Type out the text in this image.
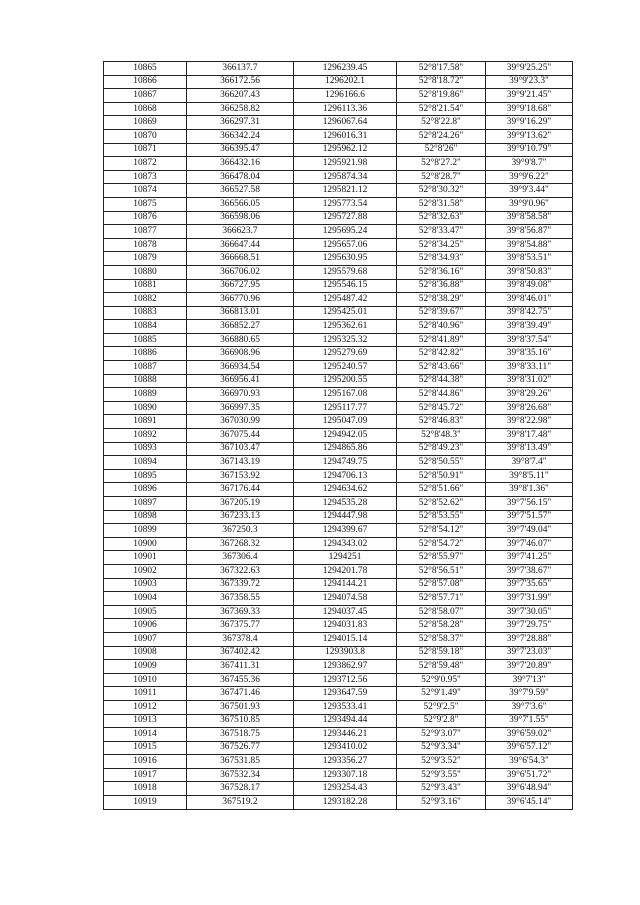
10865	366137.7	1296239.45	52°8'17.58"	39°9'25.25"
10866	366172.56	1296202.1	52°8'18.72"	39°9'23.3"
10867	366207.43	1296166.6	52°8'19.86"	39°9'21.45"
10868	366258.82	1296113.36	52°8'21.54"	39°9'18.68"
10869	366297.31	1296067.64	52°8'22.8"	39°9'16.29"
10870	366342.24	1296016.31	52°8'24.26"	39°9'13.62"
10871	366395.47	1295962.12	52°8'26"	39°9'10.79"
10872	366432.16	1295921.98	52°8'27.2"	39°9'8.7"
10873	366478.04	1295874.34	52°8'28.7"	39°9'6.22"
10874	366527.58	1295821.12	52°8'30.32"	39°9'3.44"
10875	366566.05	1295773.54	52°8'31.58"	39°9'0.96"
10876	366598.06	1295727.88	52°8'32.63"	39°8'58.58"
10877	366623.7	1295695.24	52°8'33.47"	39°8'56.87"
10878	366647.44	1295657.06	52°8'34.25"	39°8'54.88"
10879	366668.51	1295630.95	52°8'34.93"	39°8'53.51"
10880	366706.02	1295579.68	52°8'36.16"	39°8'50.83"
10881	366727.95	1295546.15	52°8'36.88"	39°8'49.08"
10882	366770.96	1295487.42	52°8'38.29"	39°8'46.01"
10883	366813.01	1295425.01	52°8'39.67"	39°8'42.75"
10884	366852.27	1295362.61	52°8'40.96"	39°8'39.49"
10885	366880.65	1295325.32	52°8'41.89"	39°8'37.54"
10886	366908.96	1295279.69	52°8'42.82"	39°8'35.16"
10887	366934.54	1295240.57	52°8'43.66"	39°8'33.11"
10888	366956.41	1295200.55	52°8'44.38"	39°8'31.02"
10889	366970.93	1295167.08	52°8'44.86"	39°8'29.26"
10890	366997.35	1295117.77	52°8'45.72"	39°8'26.68"
10891	367030.99	1295047.09	52°8'46.83"	39°8'22.98"
10892	367075.44	1294942.05	52°8'48.3"	39°8'17.48"
10893	367103.47	1294865.86	52°8'49.23"	39°8'13.49"
10894	367143.19	1294749.75	52°8'50.55"	39°8'7.4"
10895	367153.92	1294706.13	52°8'50.91"	39°8'5.11"
10896	367176.44	1294634.62	52°8'51.66"	39°8'1.36"
10897	367205.19	1294535.28	52°8'52.62"	39°7'56.15"
10898	367233.13	1294447.98	52°8'53.55"	39°7'51.57"
10899	367250.3	1294399.67	52°8'54.12"	39°7'49.04"
10900	367268.32	1294343.02	52°8'54.72"	39°7'46.07"
10901	367306.4	1294251	52°8'55.97"	39°7'41.25"
10902	367322.63	1294201.78	52°8'56.51"	39°7'38.67"
10903	367339.72	1294144.21	52°8'57.08"	39°7'35.65"
10904	367358.55	1294074.58	52°8'57.71"	39°7'31.99"
10905	367369.33	1294037.45	52°8'58.07"	39°7'30.05"
10906	367375.77	1294031.83	52°8'58.28"	39°7'29.75"
10907	367378.4	1294015.14	52°8'58.37"	39°7'28.88"
10908	367402.42	1293903.8	52°8'59.18"	39°7'23.03"
10909	367411.31	1293862.97	52°8'59.48"	39°7'20.89"
10910	367455.36	1293712.56	52°9'0.95"	39°7'13"
10911	367471.46	1293647.59	52°9'1.49"	39°7'9.59"
10912	367501.93	1293533.41	52°9'2.5"	39°7'3.6"
10913	367510.85	1293494.44	52°9'2.8"	39°7'1.55"
10914	367518.75	1293446.21	52°9'3.07"	39°6'59.02"
10915	367526.77	1293410.02	52°9'3.34"	39°6'57.12"
10916	367531.85	1293356.27	52°9'3.52"	39°6'54.3"
10917	367532.34	1293307.18	52°9'3.55"	39°6'51.72"
10918	367528.17	1293254.43	52°9'3.43"	39°6'48.94"
10919	367519.2	1293182.28	52°9'3.16"	39°6'45.14"
